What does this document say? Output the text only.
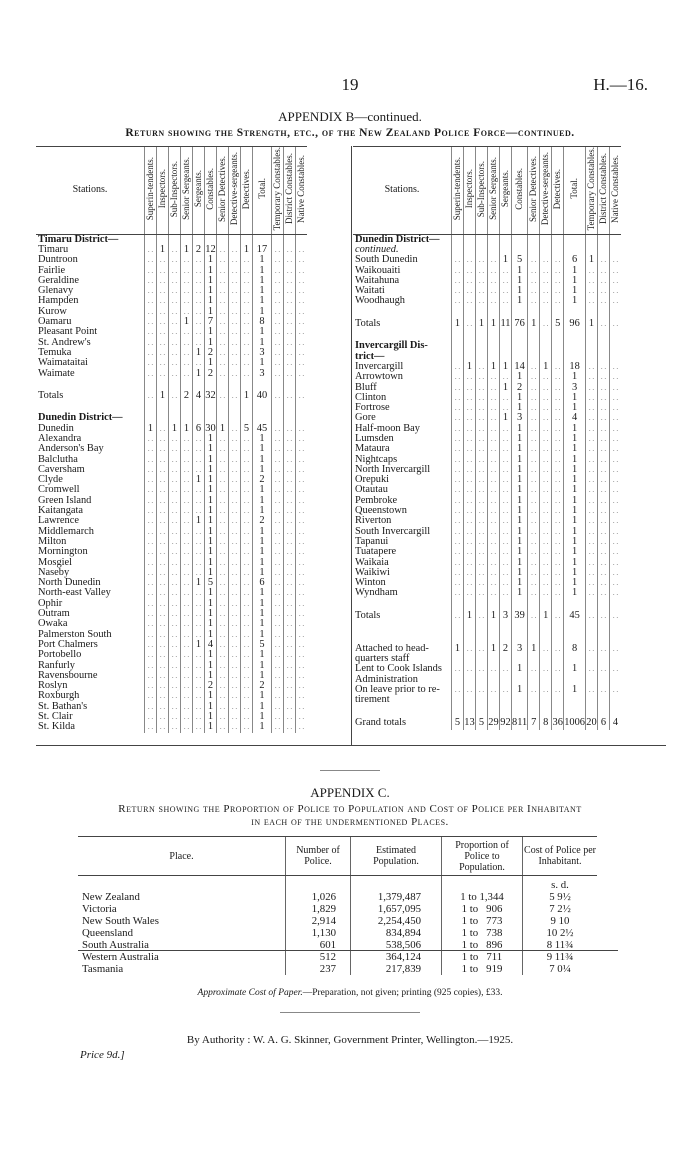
19	H.—16.
APPENDIX B—continued.
Return showing the Strength, etc., of the New Zealand Police Force—continued.
Stations.	Superin-tendents.	Inspectors.	Sub-Inspectors.	Senior Sergeants.	Sergeants.	Constables.	Senior Detectives.	Detective-sergeants.	Detectives.	Total.	Temporary Constables.	District Constables.	Native Constables.
Timaru District—													
Timaru	. .	1	. .	1	2	12	. .	. .	1	17	. .	. .	. .
Duntroon	. .	. .	. .	. .	. .	1	. .	. .	. .	1	. .	. .	. .
Fairlie	. .	. .	. .	. .	. .	1	. .	. .	. .	1	. .	. .	. .
Geraldine	. .	. .	. .	. .	. .	1	. .	. .	. .	1	. .	. .	. .
Glenavy	. .	. .	. .	. .	. .	1	. .	. .	. .	1	. .	. .	. .
Hampden	. .	. .	. .	. .	. .	1	. .	. .	. .	1	. .	. .	. .
Kurow	. .	. .	. .	. .	. .	1	. .	. .	. .	1	. .	. .	. .
Oamaru	. .	. .	. .	1	. .	7	. .	. .	. .	8	. .	. .	. .
Pleasant Point	. .	. .	. .	. .	. .	1	. .	. .	. .	1	. .	. .	. .
St. Andrew's	. .	. .	. .	. .	. .	1	. .	. .	. .	1	. .	. .	. .
Temuka	. .	. .	. .	. .	1	2	. .	. .	. .	3	. .	. .	. .
Waimataitai	. .	. .	. .	. .	. .	1	. .	. .	. .	1	. .	. .	. .
Waimate	. .	. .	. .	. .	1	2	. .	. .	. .	3	. .	. .	. .

Totals	. .	1	. .	2	4	32	. .	. .	1	40	. .	. .	. .

Dunedin District—													
Dunedin	1	. .	1	1	6	30	1	. .	5	45	. .	. .	. .
Alexandra	. .	. .	. .	. .	. .	1	. .	. .	. .	1	. .	. .	. .
Anderson's Bay	. .	. .	. .	. .	. .	1	. .	. .	. .	1	. .	. .	. .
Balclutha	. .	. .	. .	. .	. .	1	. .	. .	. .	1	. .	. .	. .
Caversham	. .	. .	. .	. .	. .	1	. .	. .	. .	1	. .	. .	. .
Clyde	. .	. .	. .	. .	1	1	. .	. .	. .	2	. .	. .	. .
Cromwell	. .	. .	. .	. .	. .	1	. .	. .	. .	1	. .	. .	. .
Green Island	. .	. .	. .	. .	. .	1	. .	. .	. .	1	. .	. .	. .
Kaitangata	. .	. .	. .	. .	. .	1	. .	. .	. .	1	. .	. .	. .
Lawrence	. .	. .	. .	. .	1	1	. .	. .	. .	2	. .	. .	. .
Middlemarch	. .	. .	. .	. .	. .	1	. .	. .	. .	1	. .	. .	. .
Milton	. .	. .	. .	. .	. .	1	. .	. .	. .	1	. .	. .	. .
Mornington	. .	. .	. .	. .	. .	1	. .	. .	. .	1	. .	. .	. .
Mosgiel	. .	. .	. .	. .	. .	1	. .	. .	. .	1	. .	. .	. .
Naseby	. .	. .	. .	. .	. .	1	. .	. .	. .	1	. .	. .	. .
North Dunedin	. .	. .	. .	. .	1	5	. .	. .	. .	6	. .	. .	. .
North-east Valley	. .	. .	. .	. .	. .	1	. .	. .	. .	1	. .	. .	. .
Ophir	. .	. .	. .	. .	. .	1	. .	. .	. .	1	. .	. .	. .
Outram	. .	. .	. .	. .	. .	1	. .	. .	. .	1	. .	. .	. .
Owaka	. .	. .	. .	. .	. .	1	. .	. .	. .	1	. .	. .	. .
Palmerston South	. .	. .	. .	. .	. .	1	. .	. .	. .	1	. .	. .	. .
Port Chalmers	. .	. .	. .	. .	1	4	. .	. .	. .	5	. .	. .	. .
Portobello	. .	. .	. .	. .	. .	1	. .	. .	. .	1	. .	. .	. .
Ranfurly	. .	. .	. .	. .	. .	1	. .	. .	. .	1	. .	. .	. .
Ravensbourne	. .	. .	. .	. .	. .	1	. .	. .	. .	1	. .	. .	. .
Roslyn	. .	. .	. .	. .	. .	2	. .	. .	. .	2	. .	. .	. .
Roxburgh	. .	. .	. .	. .	. .	1	. .	. .	. .	1	. .	. .	. .
St. Bathan's	. .	. .	. .	. .	. .	1	. .	. .	. .	1	. .	. .	. .
St. Clair	. .	. .	. .	. .	. .	1	. .	. .	. .	1	. .	. .	. .
St. Kilda	. .	. .	. .	. .	. .	1	. .	. .	. .	1	. .	. .	. .
Stations.	Superin-tendents.	Inspectors.	Sub-Inspectors.	Senior Sergeants.	Sergeants.	Constables.	Senior Detectives.	Detective-sergeants.	Detectives.	Total.	Temporary Constables.	District Constables.	Native Constables.
Dunedin District—													
continued.													
South Dunedin	. .	. .	. .	. .	1	5	. .	. .	. .	6	1	. .	. .
Waikouaiti	. .	. .	. .	. .	. .	1	. .	. .	. .	1	. .	. .	. .
Waitahuna	. .	. .	. .	. .	. .	1	. .	. .	. .	1	. .	. .	. .
Waitati	. .	. .	. .	. .	. .	1	. .	. .	. .	1	. .	. .	. .
Woodhaugh	. .	. .	. .	. .	. .	1	. .	. .	. .	1	. .	. .	. .

Totals	1	. .	1	1	11	76	1	. .	5	96	1	. .	. .

Invercargill Dis-													
trict—													
Invercargill	. .	1	. .	1	1	14	. .	1	. .	18	. .	. .	. .
Arrowtown	. .	. .	. .	. .	. .	1	. .	. .	. .	1	. .	. .	. .
Bluff	. .	. .	. .	. .	1	2	. .	. .	. .	3	. .	. .	. .
Clinton	. .	. .	. .	. .	. .	1	. .	. .	. .	1	. .	. .	. .
Fortrose	. .	. .	. .	. .	. .	1	. .	. .	. .	1	. .	. .	. .
Gore	. .	. .	. .	. .	1	3	. .	. .	. .	4	. .	. .	. .
Half-moon Bay	. .	. .	. .	. .	. .	1	. .	. .	. .	1	. .	. .	. .
Lumsden	. .	. .	. .	. .	. .	1	. .	. .	. .	1	. .	. .	. .
Mataura	. .	. .	. .	. .	. .	1	. .	. .	. .	1	. .	. .	. .
Nightcaps	. .	. .	. .	. .	. .	1	. .	. .	. .	1	. .	. .	. .
North Invercargill	. .	. .	. .	. .	. .	1	. .	. .	. .	1	. .	. .	. .
Orepuki	. .	. .	. .	. .	. .	1	. .	. .	. .	1	. .	. .	. .
Otautau	. .	. .	. .	. .	. .	1	. .	. .	. .	1	. .	. .	. .
Pembroke	. .	. .	. .	. .	. .	1	. .	. .	. .	1	. .	. .	. .
Queenstown	. .	. .	. .	. .	. .	1	. .	. .	. .	1	. .	. .	. .
Riverton	. .	. .	. .	. .	. .	1	. .	. .	. .	1	. .	. .	. .
South Invercargill	. .	. .	. .	. .	. .	1	. .	. .	. .	1	. .	. .	. .
Tapanui	. .	. .	. .	. .	. .	1	. .	. .	. .	1	. .	. .	. .
Tuatapere	. .	. .	. .	. .	. .	1	. .	. .	. .	1	. .	. .	. .
Waikaia	. .	. .	. .	. .	. .	1	. .	. .	. .	1	. .	. .	. .
Waikiwi	. .	. .	. .	. .	. .	1	. .	. .	. .	1	. .	. .	. .
Winton	. .	. .	. .	. .	. .	1	. .	. .	. .	1	. .	. .	. .
Wyndham	. .	. .	. .	. .	. .	1	. .	. .	. .	1	. .	. .	. .

Totals	. .	1	. .	1	3	39	. .	1	. .	45	. .	. .	. .

Attached to head-	1	. .	. .	1	2	3	1	. .	. .	8	. .	. .	. .
quarters staff													
Lent to Cook Islands	. .	. .	. .	. .	. .	1	. .	. .	. .	1	. .	. .	. .
Administration													
On leave prior to re-	. .	. .	. .	. .	. .	1	. .	. .	. .	1	. .	. .	. .
tirement													

Grand totals	5	13	5	29	92	811	7	8	36	1006	20	6	4
APPENDIX C.
Return showing the Proportion of Police to Population and Cost of Police per Inhabitant
in each of the undermentioned Places.
Place.	Number of Police.	Estimated Population.	Proportion of Police to Population.	Cost of Police per Inhabitant.
				s. d.
New Zealand	1,026	1,379,487	1 to 1,344	5 9½
Victoria	1,829	1,657,095	1 to   906	7 2½
New South Wales	2,914	2,254,450	1 to   773	9 10
Queensland	1,130	834,894	1 to   738	10 2½
South Australia	601	538,506	1 to   896	8 11¾
Western Australia	512	364,124	1 to   711	9 11¾
Tasmania	237	217,839	1 to   919	7 0¼
Approximate Cost of Paper.—Preparation, not given; printing (925 copies), £33.
By Authority : W. A. G. Skinner, Government Printer, Wellington.—1925.
Price 9d.]
